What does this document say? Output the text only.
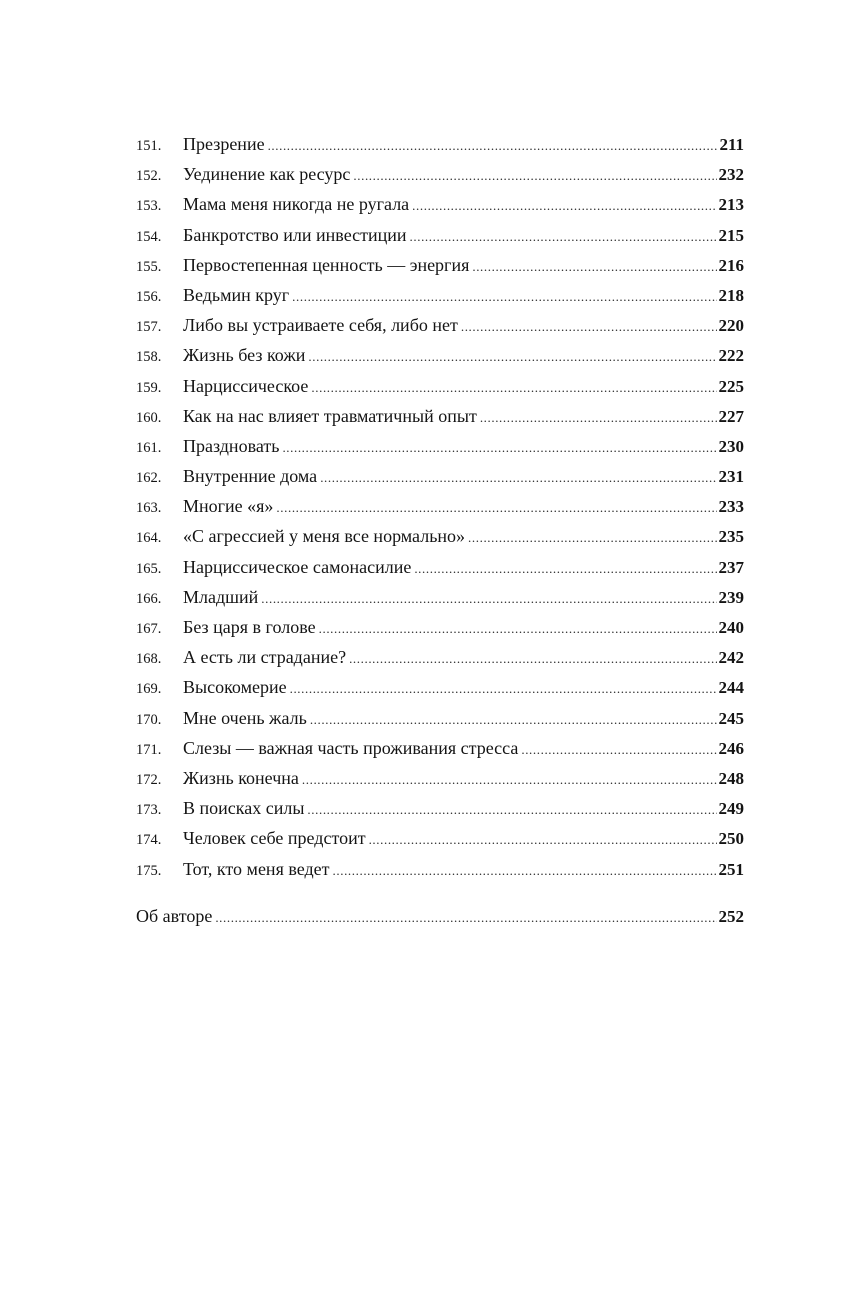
151.	Презрение .....	211
152.	Уединение как ресурс .....	232
153.	Мама меня никогда не ругала .....	213
154.	Банкротство или инвестиции .....	215
155.	Первостепенная ценность — энергия .....	216
156.	Ведьмин круг .....	218
157.	Либо вы устраиваете себя, либо нет .....	220
158.	Жизнь без кожи .....	222
159.	Нарциссическое .....	225
160.	Как на нас влияет травматичный опыт .....	227
161.	Праздновать .....	230
162.	Внутренние дома .....	231
163.	Многие «я» .....	233
164.	«С агрессией у меня все нормально» .....	235
165.	Нарциссическое самонасилие .....	237
166.	Младший .....	239
167.	Без царя в голове .....	240
168.	А есть ли страдание? .....	242
169.	Высокомерие .....	244
170.	Мне очень жаль .....	245
171.	Слезы — важная часть проживания стресса .....	246
172.	Жизнь конечна .....	248
173.	В поисках силы .....	249
174.	Человек себе предстоит .....	250
175.	Тот, кто меня ведет .....	251
Об авторе .....	252
